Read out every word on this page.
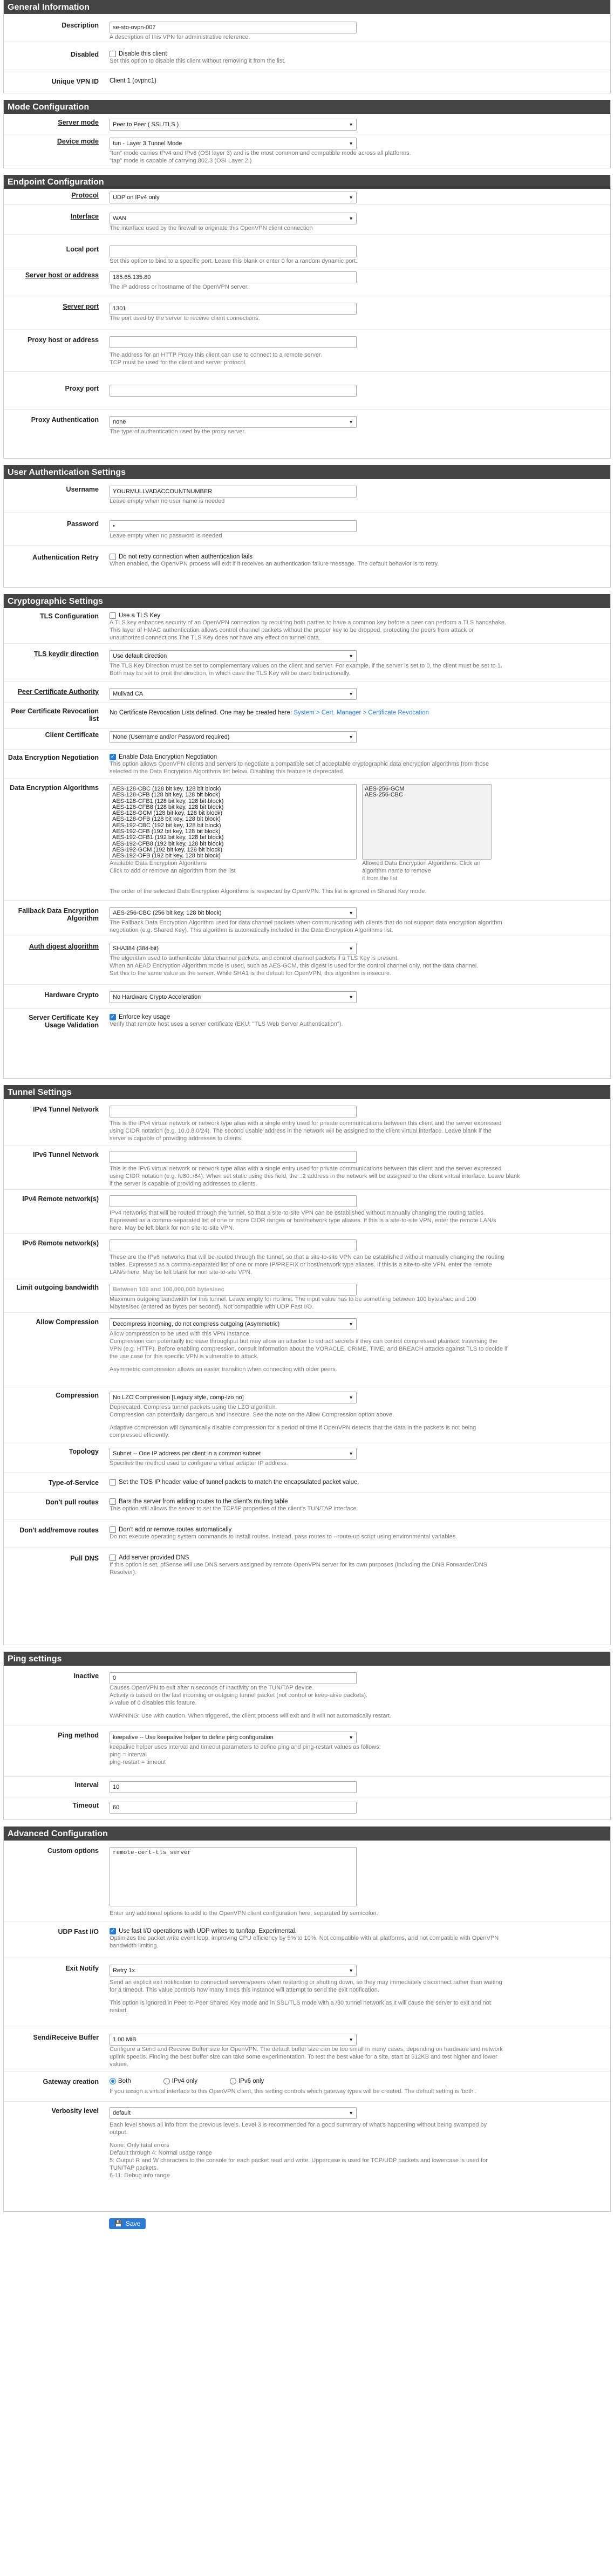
General Information
Description	se-sto-ovpn-007
A description of this VPN for administrative reference.
Disabled	Disable this client
Set this option to disable this client without removing it from the list.
Unique VPN ID	Client 1 (ovpnc1)
Mode Configuration
Server mode	Peer to Peer ( SSL/TLS )	▼
Device mode	tun - Layer 3 Tunnel Mode	▼
"tun" mode carries IPv4 and IPv6 (OSI layer 3) and is the most common and compatible mode across all platforms.
"tap" mode is capable of carrying 802.3 (OSI Layer 2.)
Endpoint Configuration
Protocol	UDP on IPv4 only	▼
Interface	WAN	▼
The interface used by the firewall to originate this OpenVPN client connection
Local port
Set this option to bind to a specific port. Leave this blank or enter 0 for a random dynamic port.
Server host or address	185.65.135.80
The IP address or hostname of the OpenVPN server.
Server port	1301
The port used by the server to receive client connections.
Proxy host or address
The address for an HTTP Proxy this client can use to connect to a remote server.
TCP must be used for the client and server protocol.
Proxy port
Proxy Authentication	none	▼
The type of authentication used by the proxy server.
User Authentication Settings
Username	YOURMULLVADACCOUNTNUMBER
Leave empty when no user name is needed
Password	•
Leave empty when no password is needed
Authentication Retry	Do not retry connection when authentication fails
When enabled, the OpenVPN process will exit if it receives an authentication failure message. The default behavior is to retry.
Cryptographic Settings
TLS Configuration	Use a TLS Key
A TLS key enhances security of an OpenVPN connection by requiring both parties to have a common key before a peer can perform a TLS handshake.
This layer of HMAC authentication allows control channel packets without the proper key to be dropped, protecting the peers from attack or
unauthorized connections.The TLS Key does not have any effect on tunnel data.
TLS keydir direction	Use default direction	▼
The TLS Key Direction must be set to complementary values on the client and server. For example, if the server is set to 0, the client must be set to 1.
Both may be set to omit the direction, in which case the TLS Key will be used bidirectionally.
Peer Certificate Authority	Mullvad CA	▼
Peer Certificate Revocation list
No Certificate Revocation Lists defined. One may be created here: System > Cert. Manager > Certificate Revocation
Client Certificate	None (Username and/or Password required)	▼
Data Encryption Negotiation	✓ Enable Data Encryption Negotiation
This option allows OpenVPN clients and servers to negotiate a compatible set of acceptable cryptographic data encryption algorithms from those
selected in the Data Encryption Algorithms list below. Disabling this feature is deprecated.
Data Encryption Algorithms	AES-128-CBC (128 bit key, 128 bit block)
AES-128-CFB (128 bit key, 128 bit block)
AES-128-CFB1 (128 bit key, 128 bit block)
AES-128-CFB8 (128 bit key, 128 bit block)
AES-128-GCM (128 bit key, 128 bit block)
AES-128-OFB (128 bit key, 128 bit block)
AES-192-CBC (192 bit key, 128 bit block)
AES-192-CFB (192 bit key, 128 bit block)
AES-192-CFB1 (192 bit key, 128 bit block)
AES-192-CFB8 (192 bit key, 128 bit block)
AES-192-GCM (192 bit key, 128 bit block)
AES-192-OFB (192 bit key, 128 bit block)
Available Data Encryption Algorithms
Click to add or remove an algorithm from the list
AES-256-GCM
AES-256-CBC
Allowed Data Encryption Algorithms. Click an algorithm name to remove
it from the list
The order of the selected Data Encryption Algorithms is respected by OpenVPN. This list is ignored in Shared Key mode.
Fallback Data Encryption Algorithm
AES-256-CBC (256 bit key, 128 bit block)	▼
The Fallback Data Encryption Algorithm used for data channel packets when communicating with clients that do not support data encryption algorithm
negotiation (e.g. Shared Key). This algorithm is automatically included in the Data Encryption Algorithms list.
Auth digest algorithm	SHA384 (384-bit)	▼
The algorithm used to authenticate data channel packets, and control channel packets if a TLS Key is present.
When an AEAD Encryption Algorithm mode is used, such as AES-GCM, this digest is used for the control channel only, not the data channel.
Set this to the same value as the server. While SHA1 is the default for OpenVPN, this algorithm is insecure.
Hardware Crypto	No Hardware Crypto Acceleration	▼
Server Certificate Key Usage Validation
✓ Enforce key usage
Verify that remote host uses a server certificate (EKU: "TLS Web Server Authentication").
Tunnel Settings
IPv4 Tunnel Network
This is the IPv4 virtual network or network type alias with a single entry used for private communications between this client and the server expressed
using CIDR notation (e.g. 10.0.8.0/24). The second usable address in the network will be assigned to the client virtual interface. Leave blank if the
server is capable of providing addresses to clients.
IPv6 Tunnel Network
This is the IPv6 virtual network or network type alias with a single entry used for private communications between this client and the server expressed
using CIDR notation (e.g. fe80::/64). When set static using this field, the ::2 address in the network will be assigned to the client virtual interface. Leave blank
if the server is capable of providing addresses to clients.
IPv4 Remote network(s)
IPv4 networks that will be routed through the tunnel, so that a site-to-site VPN can be established without manually changing the routing tables.
Expressed as a comma-separated list of one or more CIDR ranges or host/network type aliases. If this is a site-to-site VPN, enter the remote LAN/s
here. May be left blank for non site-to-site VPN.
IPv6 Remote network(s)
These are the IPv6 networks that will be routed through the tunnel, so that a site-to-site VPN can be established without manually changing the routing
tables. Expressed as a comma-separated list of one or more IP/PREFIX or host/network type aliases. If this is a site-to-site VPN, enter the remote
LAN/s here. May be left blank for non site-to-site VPN.
Limit outgoing bandwidth	Between 100 and 100,000,000 bytes/sec
Maximum outgoing bandwidth for this tunnel. Leave empty for no limit. The input value has to be something between 100 bytes/sec and 100
Mbytes/sec (entered as bytes per second). Not compatible with UDP Fast I/O.
Allow Compression	Decompress incoming, do not compress outgoing (Asymmetric)	▼
Allow compression to be used with this VPN instance.
Compression can potentially increase throughput but may allow an attacker to extract secrets if they can control compressed plaintext traversing the
VPN (e.g. HTTP). Before enabling compression, consult information about the VORACLE, CRIME, TIME, and BREACH attacks against TLS to decide if
the use case for this specific VPN is vulnerable to attack.
Asymmetric compression allows an easier transition when connecting with older peers.
Compression	No LZO Compression [Legacy style, comp-lzo no]	▼
Deprecated. Compress tunnel packets using the LZO algorithm.
Compression can potentially dangerous and insecure. See the note on the Allow Compression option above.
Adaptive compression will dynamically disable compression for a period of time if OpenVPN detects that the data in the packets is not being
compressed efficiently.
Topology	Subnet -- One IP address per client in a common subnet	▼
Specifies the method used to configure a virtual adapter IP address.
Type-of-Service	Set the TOS IP header value of tunnel packets to match the encapsulated packet value.
Don't pull routes	Bars the server from adding routes to the client's routing table
This option still allows the server to set the TCP/IP properties of the client's TUN/TAP interface.
Don't add/remove routes	Don't add or remove routes automatically
Do not execute operating system commands to install routes. Instead, pass routes to --route-up script using environmental variables.
Pull DNS	Add server provided DNS
If this option is set, pfSense will use DNS servers assigned by remote OpenVPN server for its own purposes (including the DNS Forwarder/DNS
Resolver).
Ping settings
Inactive	0
Causes OpenVPN to exit after n seconds of inactivity on the TUN/TAP device.
Activity is based on the last incoming or outgoing tunnel packet (not control or keep-alive packets).
A value of 0 disables this feature.
WARNING: Use with caution. When triggered, the client process will exit and it will not automatically restart.
Ping method	keepalive -- Use keepalive helper to define ping configuration	▼
keepalive helper uses interval and timeout parameters to define ping and ping-restart values as follows:
ping = interval
ping-restart = timeout
Interval	10
Timeout	60
Advanced Configuration
Custom options	remote-cert-tls server
Enter any additional options to add to the OpenVPN client configuration here, separated by semicolon.
UDP Fast I/O	✓ Use fast I/O operations with UDP writes to tun/tap. Experimental.
Optimizes the packet write event loop, improving CPU efficiency by 5% to 10%. Not compatible with all platforms, and not compatible with OpenVPN
bandwidth limiting.
Exit Notify	Retry 1x	▼
Send an explicit exit notification to connected servers/peers when restarting or shutting down, so they may immediately disconnect rather than waiting
for a timeout. This value controls how many times this instance will attempt to send the exit notification.
This option is ignored in Peer-to-Peer Shared Key mode and in SSL/TLS mode with a /30 tunnel network as it will cause the server to exit and not
restart.
Send/Receive Buffer	1.00 MiB	▼
Configure a Send and Receive Buffer size for OpenVPN. The default buffer size can be too small in many cases, depending on hardware and network
uplink speeds. Finding the best buffer size can take some experimentation. To test the best value for a site, start at 512KB and test higher and lower
values.
Gateway creation	Both	IPv4 only	IPv6 only
If you assign a virtual interface to this OpenVPN client, this setting controls which gateway types will be created. The default setting is 'both'.
Verbosity level	default	▼
Each level shows all info from the previous levels. Level 3 is recommended for a good summary of what's happening without being swamped by
output.
None: Only fatal errors
Default through 4: Normal usage range
5: Output R and W characters to the console for each packet read and write. Uppercase is used for TCP/UDP packets and lowercase is used for
TUN/TAP packets.
6-11: Debug info range
💾 Save
